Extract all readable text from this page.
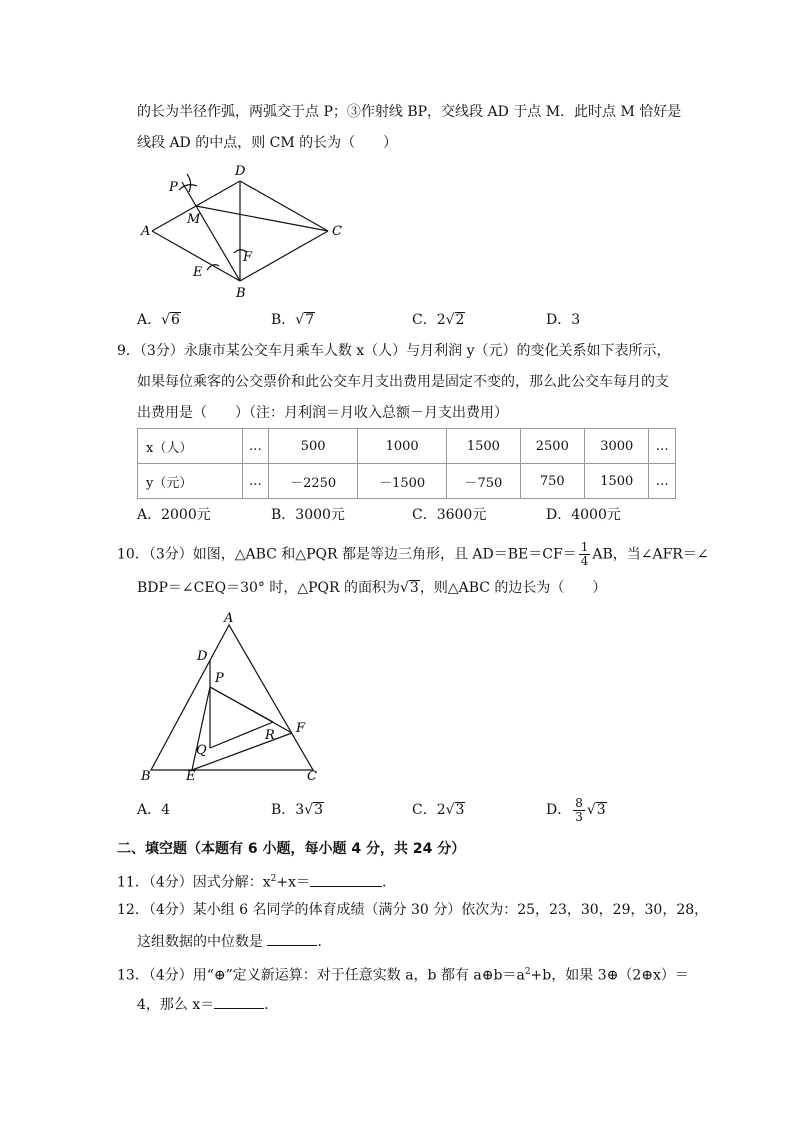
的长为半径作弧，两弧交于点 P；③作射线 BP，交线段 AD 于点 M．此时点 M 恰好是
线段 AD 的中点，则 CM 的长为（　　）
D
P
M
A	C
E
F
B
A．√6	B．√7	C．2√2	D．3
9．（3分）永康市某公交车月乘车人数 x（人）与月利润 y（元）的变化关系如下表所示，
如果每位乘客的公交票价和此公交车月支出费用是固定不变的，那么此公交车每月的支
出费用是（　　）（注：月利润＝月收入总额－月支出费用）
x（人）	…	500	1000	1500	2500	3000	…
y（元）	…	－2250	－1500	－750	750	1500	…
A．2000元	B．3000元	C．3600元	D．4000元
10．（3分）如图，△ABC 和△PQR 都是等边三角形，且 $AD=BE=CF= \frac{1}{4}$ AB，当∠AFR＝∠
BDP＝∠CEQ＝30° 时，△PQR 的面积为√3，则△ABC 的边长为（　　）
A
D
P
F
R
Q
B	E	C
A．4	B．3√3	C．2√3	D． $\frac{8}{3} √3$
二、填空题（本题有 6 小题，每小题 4 分，共 24 分）
11．（4分）因式分解：$x^2+x=$	．
12．（4分）某小组 6 名同学的体育成绩（满分 30 分）依次为：25，23，30，29，30，28，
这组数据的中位数是	．
13．（4分）用“⊕”定义新运算：对于任意实数 a，b 都有 $a\oplus b=a^2+b$，如果 3⊕（2⊕x）＝
4，那么 x＝	．
